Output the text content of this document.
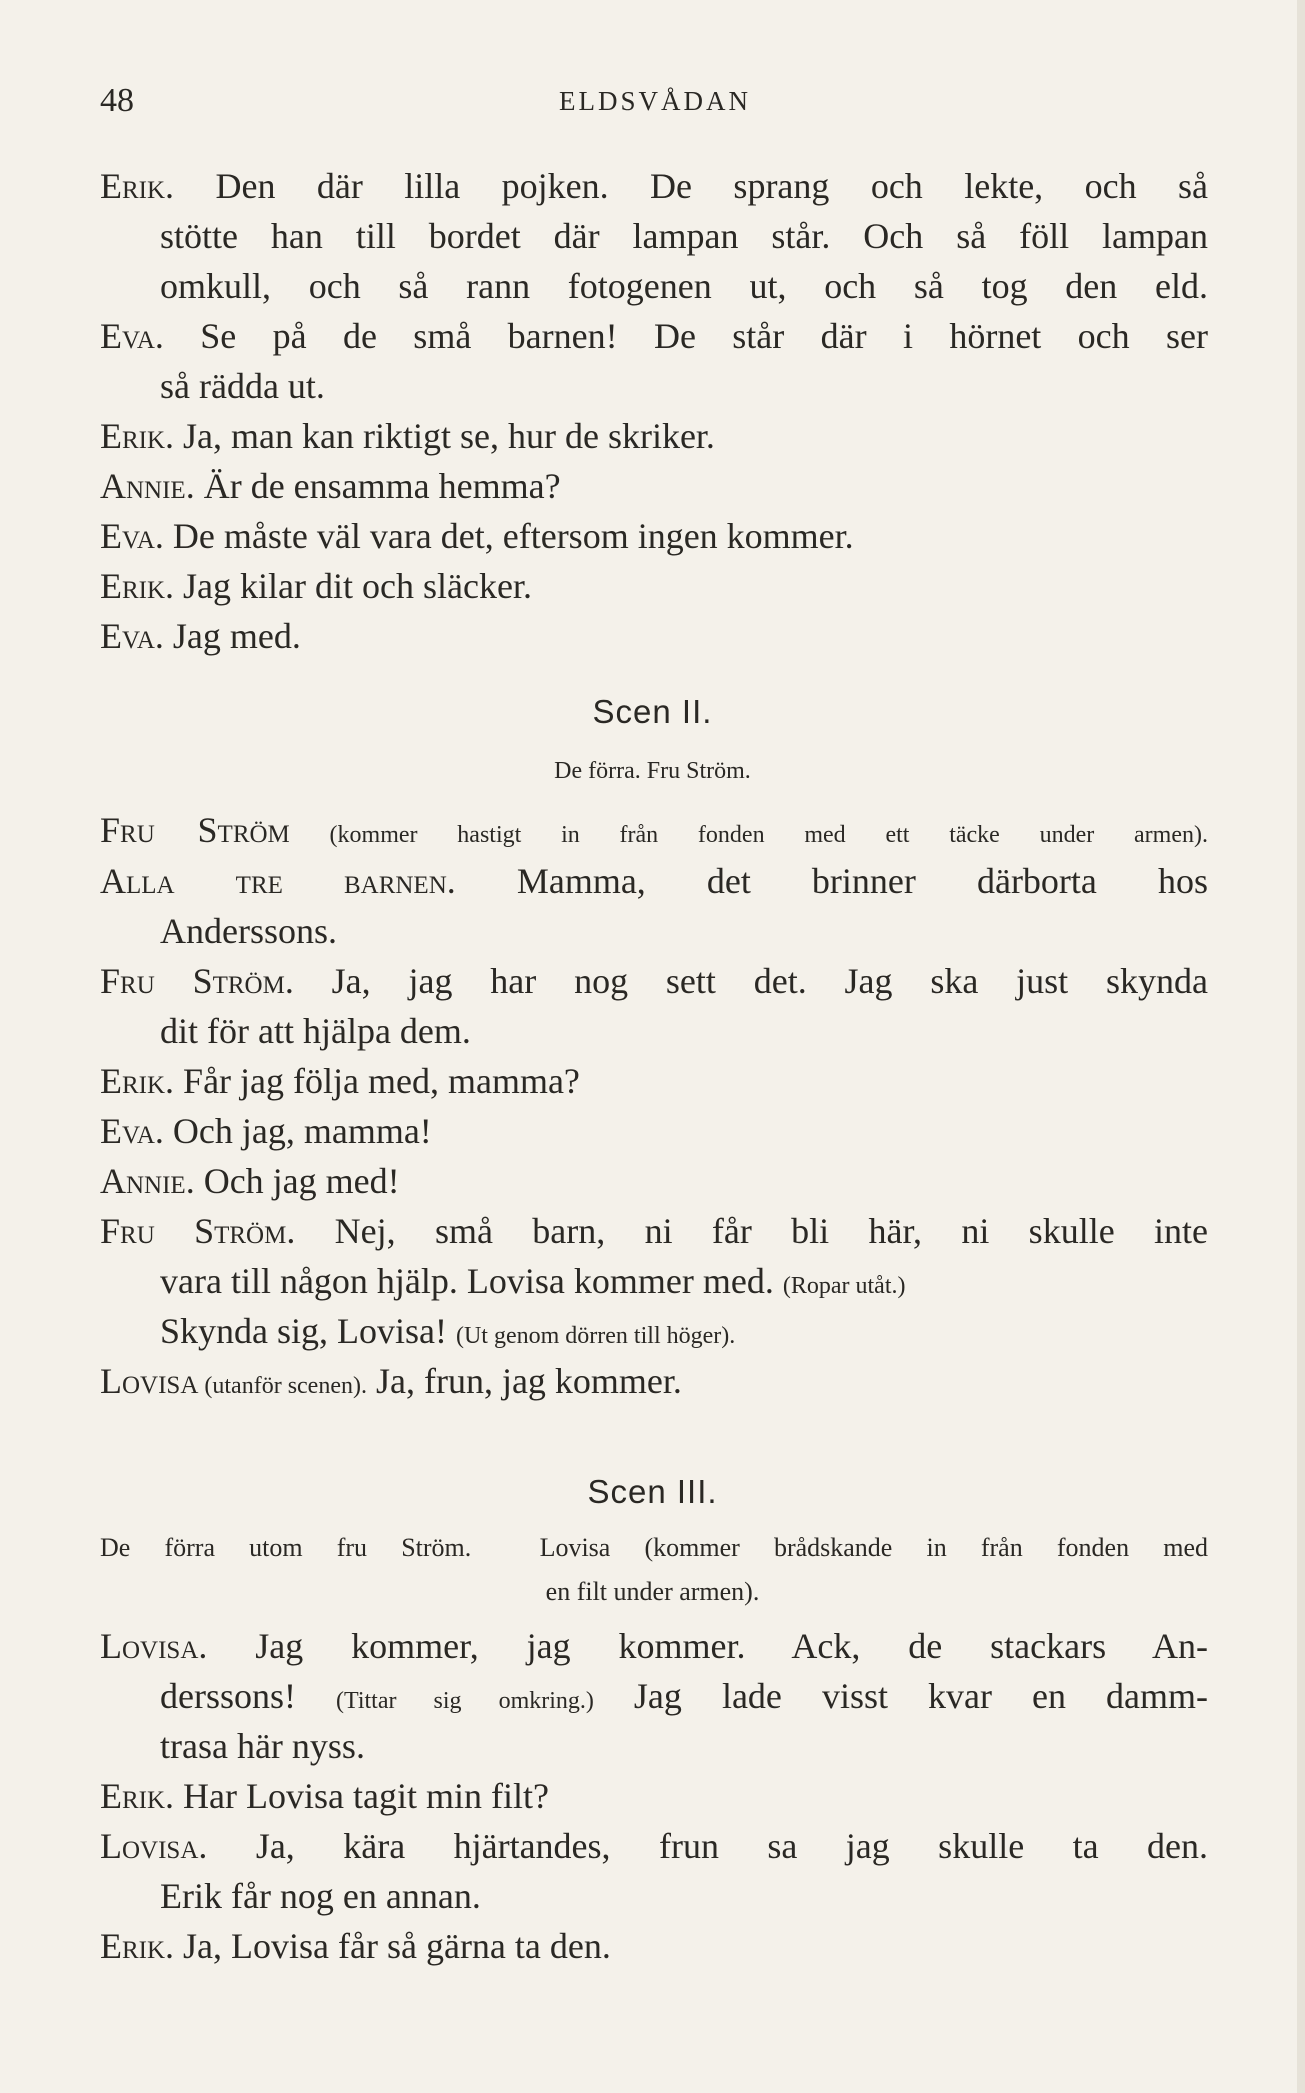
48	ELDSVÅDAN
Erik. Den där lilla pojken. De sprang och lekte, och så
stötte han till bordet där lampan står. Och så föll lampan
omkull, och så rann fotogenen ut, och så tog den eld.
Eva. Se på de små barnen! De står där i hörnet och ser
så rädda ut.
Erik. Ja, man kan riktigt se, hur de skriker.
Annie. Är de ensamma hemma?
Eva. De måste väl vara det, eftersom ingen kommer.
Erik. Jag kilar dit och släcker.
Eva. Jag med.
Scen II.
De förra. Fru Ström.
Fru Ström (kommer hastigt in från fonden med ett täcke under armen).
Alla tre barnen. Mamma, det brinner därborta hos
Anderssons.
Fru Ström. Ja, jag har nog sett det. Jag ska just skynda
dit för att hjälpa dem.
Erik. Får jag följa med, mamma?
Eva. Och jag, mamma!
Annie. Och jag med!
Fru Ström. Nej, små barn, ni får bli här, ni skulle inte
vara till någon hjälp. Lovisa kommer med. (Ropar utåt.)
Skynda sig, Lovisa! (Ut genom dörren till höger).
Lovisa (utanför scenen). Ja, frun, jag kommer.
Scen III.
De förra utom fru Ström.	Lovisa (kommer brådskande in från fonden med
en filt under armen).
Lovisa. Jag kommer, jag kommer. Ack, de stackars An-
derssons! (Tittar sig omkring.) Jag lade visst kvar en damm-
trasa här nyss.
Erik. Har Lovisa tagit min filt?
Lovisa. Ja, kära hjärtandes, frun sa jag skulle ta den.
Erik får nog en annan.
Erik. Ja, Lovisa får så gärna ta den.
